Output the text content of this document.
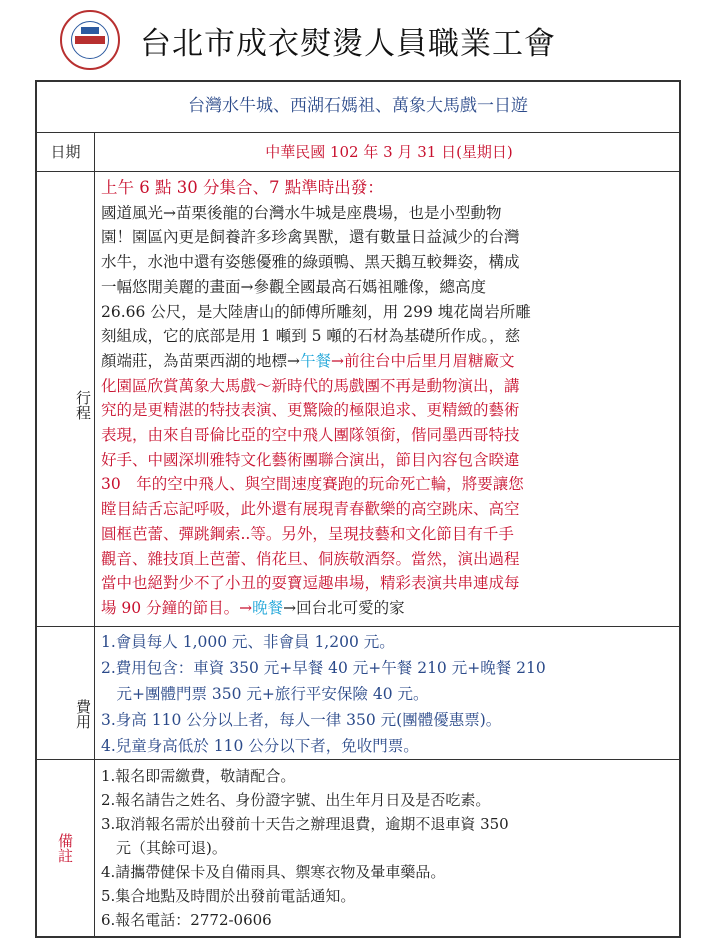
台北市成衣熨燙人員職業工會
台灣水牛城、西湖石媽祖、萬象大馬戲一日遊
日期	中華民國 102 年 3 月 31 日(星期日)
行程
上午 6 點 30 分集合、7 點準時出發：
國道風光→苗栗後龍的台灣水牛城是座農場，也是小型動物
園！園區內更是飼養許多珍禽異獸，還有數量日益減少的台灣
水牛，水池中還有姿態優雅的綠頭鴨、黑天鵝互較舞姿，構成
一幅悠閒美麗的畫面→參觀全國最高石媽祖雕像，總高度
26.66 公尺，是大陸唐山的師傅所雕刻，用 299 塊花崗岩所雕
刻組成，它的底部是用 1 噸到 5 噸的石材為基礎所作成。，慈
顏端莊，為苗栗西湖的地標→午餐→前往台中后里月眉糖廠文
化園區欣賞萬象大馬戲～新時代的馬戲團不再是動物演出，講
究的是更精湛的特技表演、更驚險的極限追求、更精緻的藝術
表現，由來自哥倫比亞的空中飛人團隊領銜，偕同墨西哥特技
好手、中國深圳雅特文化藝術團聯合演出，節目內容包含睽違
30　年的空中飛人、與空間速度賽跑的玩命死亡輪，將要讓您
瞠目結舌忘記呼吸，此外還有展現青春歡樂的高空跳床、高空
圓框芭蕾、彈跳鋼索..等。另外，呈現技藝和文化節目有千手
觀音、雜技頂上芭蕾、俏花旦、侗族敬酒祭。當然，演出過程
當中也絕對少不了小丑的耍寶逗趣串場，精彩表演共串連成每
場 90 分鐘的節目。→晚餐→回台北可愛的家
費用
1.會員每人 1,000 元、非會員 1,200 元。
2.費用包含：車資 350 元+早餐 40 元+午餐 210 元+晚餐 210
　元+團體門票 350 元+旅行平安保險 40 元。
3.身高 110 公分以上者，每人一律 350 元(團體優惠票)。
4.兒童身高低於 110 公分以下者，免收門票。
備註
1.報名即需繳費，敬請配合。
2.報名請告之姓名、身份證字號、出生年月日及是否吃素。
3.取消報名需於出發前十天告之辦理退費，逾期不退車資 350
　元（其餘可退)。
4.請攜帶健保卡及自備雨具、禦寒衣物及暈車藥品。
5.集合地點及時間於出發前電話通知。
6.報名電話：2772-0606
